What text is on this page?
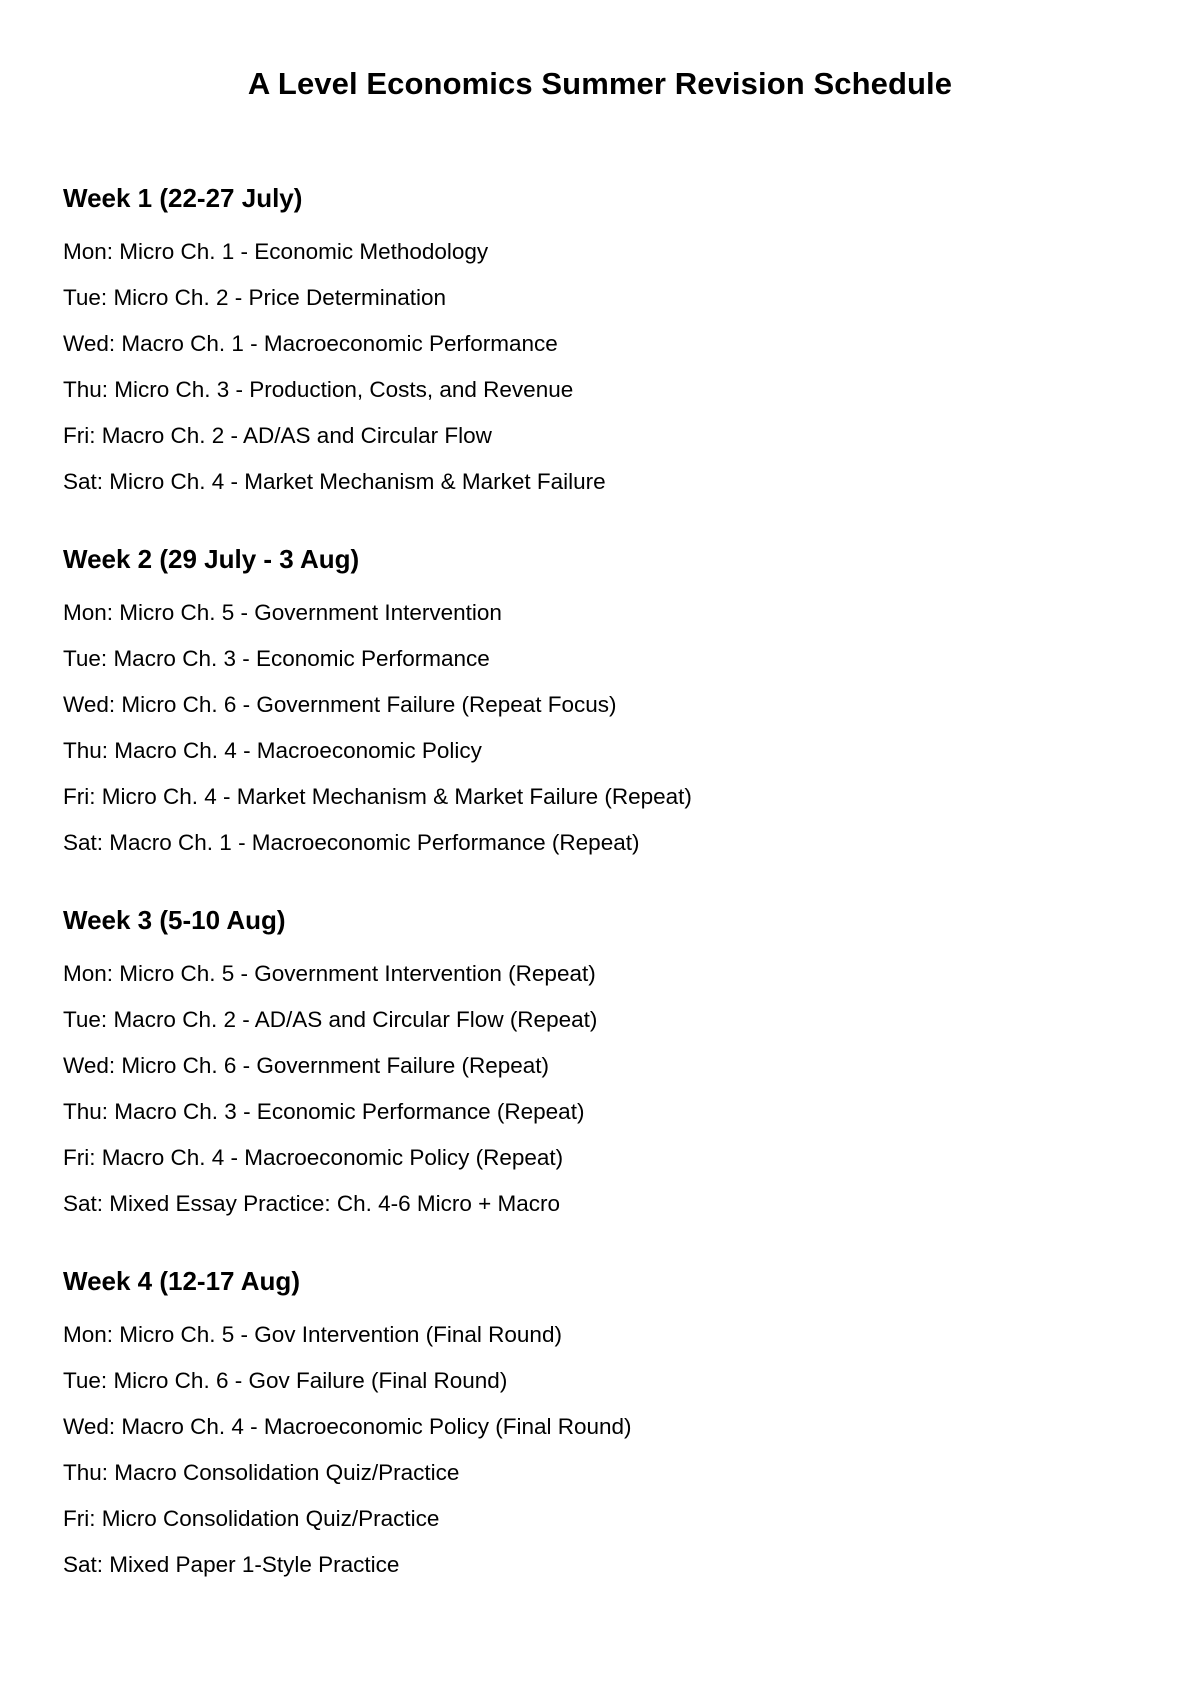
A Level Economics Summer Revision Schedule
Week 1 (22-27 July)
Mon: Micro Ch. 1 - Economic Methodology
Tue: Micro Ch. 2 - Price Determination
Wed: Macro Ch. 1 - Macroeconomic Performance
Thu: Micro Ch. 3 - Production, Costs, and Revenue
Fri: Macro Ch. 2 - AD/AS and Circular Flow
Sat: Micro Ch. 4 - Market Mechanism & Market Failure
Week 2 (29 July - 3 Aug)
Mon: Micro Ch. 5 - Government Intervention
Tue: Macro Ch. 3 - Economic Performance
Wed: Micro Ch. 6 - Government Failure (Repeat Focus)
Thu: Macro Ch. 4 - Macroeconomic Policy
Fri: Micro Ch. 4 - Market Mechanism & Market Failure (Repeat)
Sat: Macro Ch. 1 - Macroeconomic Performance (Repeat)
Week 3 (5-10 Aug)
Mon: Micro Ch. 5 - Government Intervention (Repeat)
Tue: Macro Ch. 2 - AD/AS and Circular Flow (Repeat)
Wed: Micro Ch. 6 - Government Failure (Repeat)
Thu: Macro Ch. 3 - Economic Performance (Repeat)
Fri: Macro Ch. 4 - Macroeconomic Policy (Repeat)
Sat: Mixed Essay Practice: Ch. 4-6 Micro + Macro
Week 4 (12-17 Aug)
Mon: Micro Ch. 5 - Gov Intervention (Final Round)
Tue: Micro Ch. 6 - Gov Failure (Final Round)
Wed: Macro Ch. 4 - Macroeconomic Policy (Final Round)
Thu: Macro Consolidation Quiz/Practice
Fri: Micro Consolidation Quiz/Practice
Sat: Mixed Paper 1-Style Practice
